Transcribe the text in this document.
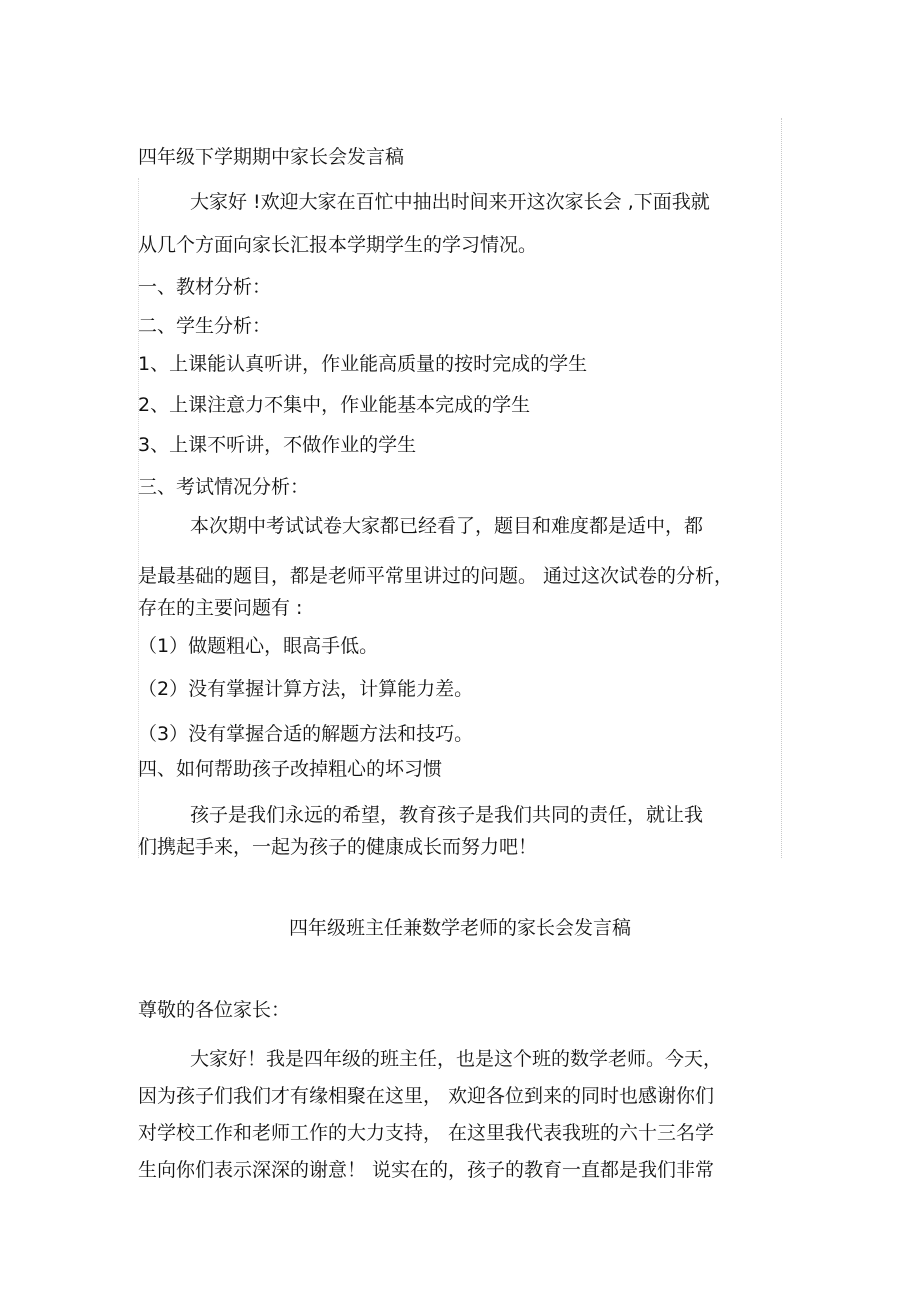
四年级下学期期中家长会发言稿
大家好 !欢迎大家在百忙中抽出时间来开这次家长会 ,下面我就
从几个方面向家长汇报本学期学生的学习情况。
一、教材分析：
二、学生分析：
1、上课能认真听讲，作业能高质量的按时完成的学生
2、上课注意力不集中，作业能基本完成的学生
3、上课不听讲，不做作业的学生
三、考试情况分析：
本次期中考试试卷大家都已经看了，题目和难度都是适中，都
是最基础的题目，都是老师平常里讲过的问题。 通过这次试卷的分析，
存在的主要问题有 :
（1）做题粗心，眼高手低。
（2）没有掌握计算方法，计算能力差。
（3）没有掌握合适的解题方法和技巧。
四、如何帮助孩子改掉粗心的坏习惯
孩子是我们永远的希望，教育孩子是我们共同的责任，就让我
们携起手来，一起为孩子的健康成长而努力吧！
四年级班主任兼数学老师的家长会发言稿
尊敬的各位家长：
大家好！我是四年级的班主任，也是这个班的数学老师。今天，
因为孩子们我们才有缘相聚在这里， 欢迎各位到来的同时也感谢你们
对学校工作和老师工作的大力支持， 在这里我代表我班的六十三名学
生向你们表示深深的谢意！ 说实在的，孩子的教育一直都是我们非常
